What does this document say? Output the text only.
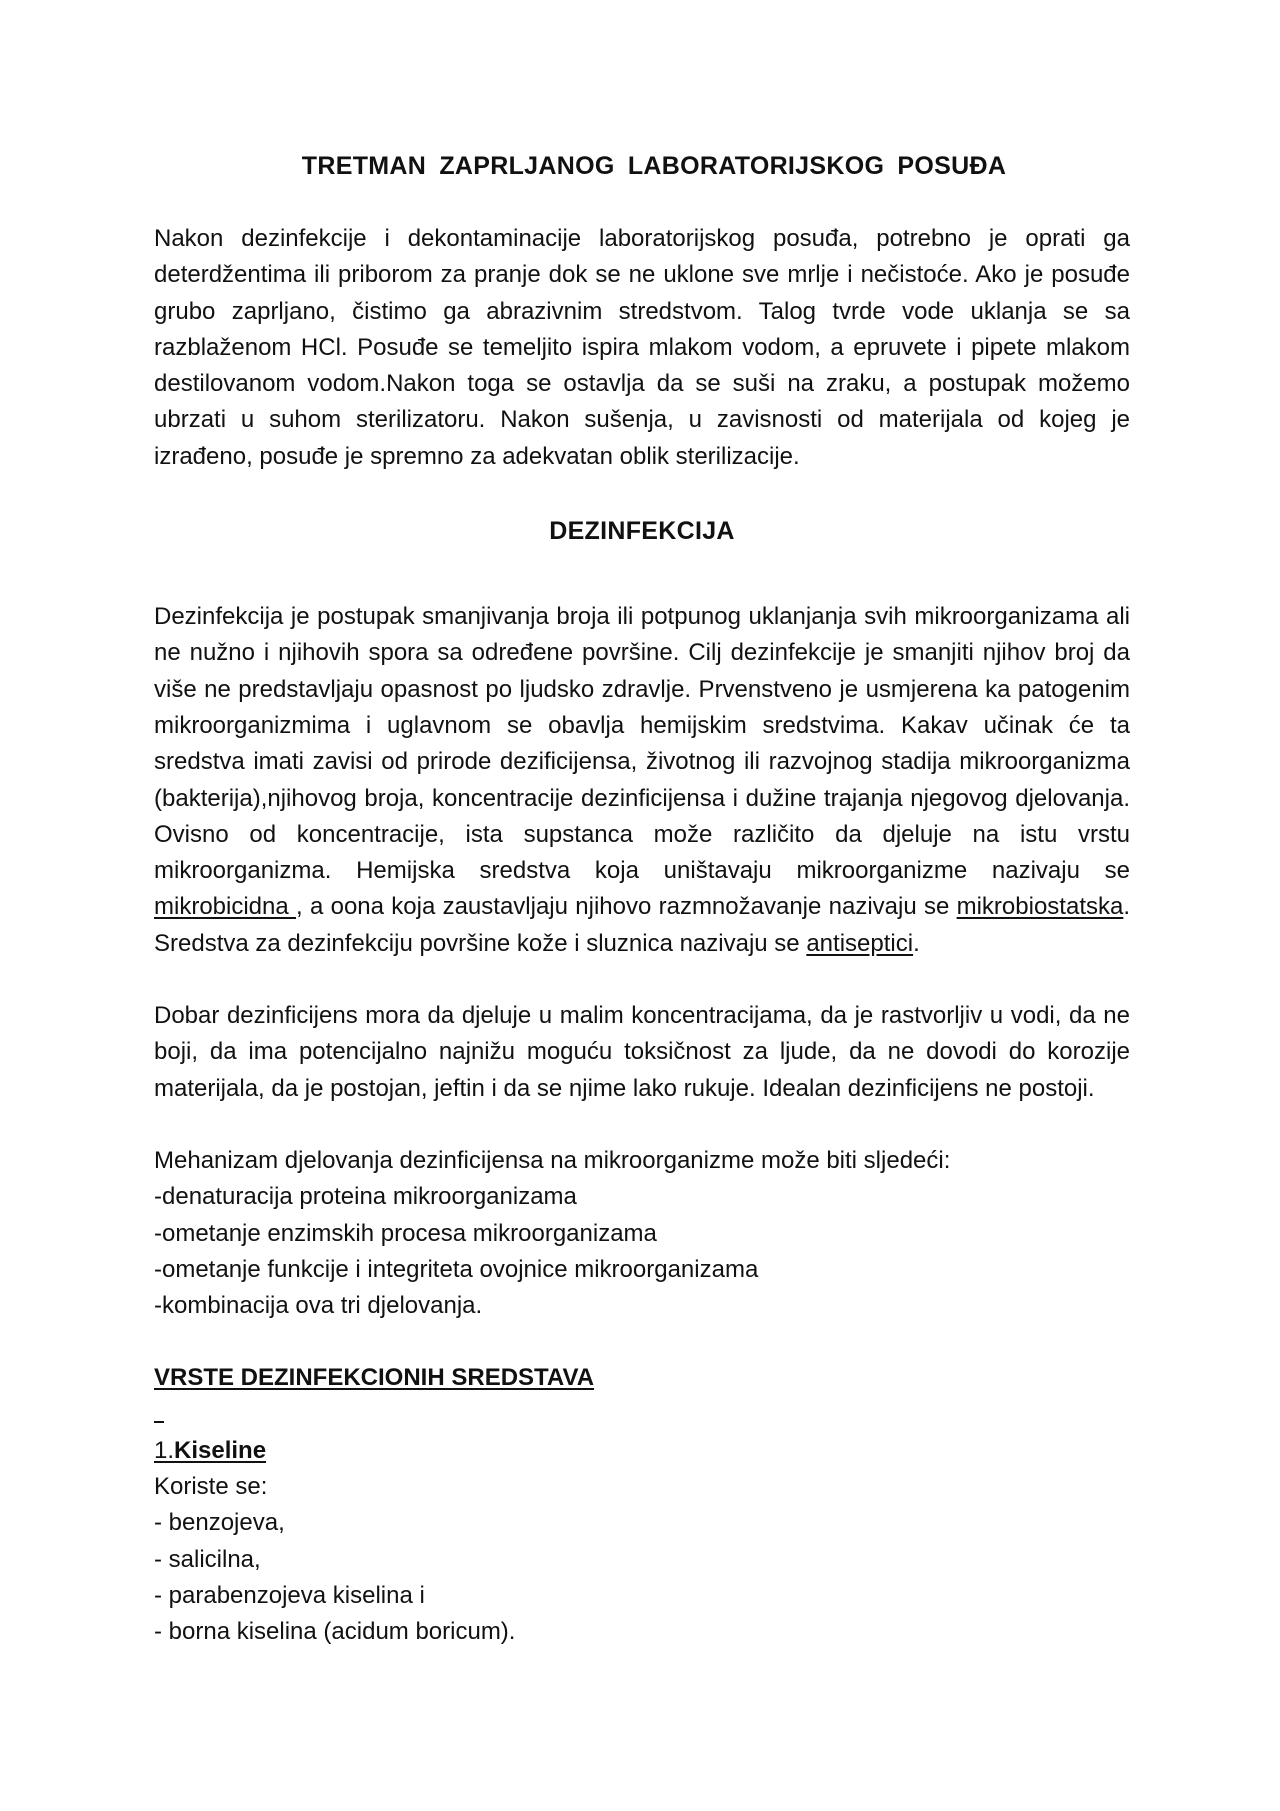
TRETMAN ZAPRLJANOG LABORATORIJSKOG POSUĐA

Nakon dezinfekcije i dekontaminacije laboratorijskog posuđa, potrebno je oprati ga deterdžentima ili priborom za pranje dok se ne uklone sve mrlje i nečistoće. Ako je posuđe grubo zaprljano, čistimo ga abrazivnim stredstvom. Talog tvrde vode uklanja se sa razblaženom HCl. Posuđe se temeljito ispira mlakom vodom, a epruvete i pipete mlakom destilovanom vodom.Nakon toga se ostavlja da se suši na zraku, a postupak možemo ubrzati u suhom sterilizatoru. Nakon sušenja, u zavisnosti od materijala od kojeg je izrađeno, posuđe je spremno za adekvatan oblik sterilizacije.

DEZINFEKCIJA

Dezinfekcija je postupak smanjivanja broja ili potpunog uklanjanja svih mikroorganizama ali ne nužno i njihovih spora sa određene površine. Cilj dezinfekcije je smanjiti njihov broj da više ne predstavljaju opasnost po ljudsko zdravlje. Prvenstveno je usmjerena ka patogenim mikroorganizmima i uglavnom se obavlja hemijskim sredstvima. Kakav učinak će ta sredstva imati zavisi od prirode dezificijensa, životnog ili razvojnog stadija mikroorganizma (bakterija),njihovog broja, koncentracije dezinficijensa i dužine trajanja njegovog djelovanja. Ovisno od koncentracije, ista supstanca može različito da djeluje na istu vrstu mikroorganizma. Hemijska sredstva koja uništavaju mikroorganizme nazivaju se mikrobicidna , a oona koja zaustavljaju njihovo razmnožavanje nazivaju se mikrobiostatska. Sredstva za dezinfekciju površine kože i sluznica nazivaju se antiseptici.

Dobar dezinficijens mora da djeluje u malim koncentracijama, da je rastvorljiv u vodi, da ne boji, da ima potencijalno najnižu moguću toksičnost za ljude, da ne dovodi do korozije materijala, da je postojan, jeftin i da se njime lako rukuje. Idealan dezinficijens ne postoji.

Mehanizam djelovanja dezinficijensa na mikroorganizme može biti sljedeći:

-denaturacija proteina mikroorganizama

-ometanje enzimskih procesa mikroorganizama

-ometanje funkcije i integriteta ovojnice mikroorganizama

-kombinacija ova tri djelovanja.

VRSTE DEZINFEKCIONIH SREDSTAVA

1.Kiseline

Koriste se:

- benzojeva,

- salicilna,

- parabenzojeva kiselina i

- borna kiselina (acidum boricum).
